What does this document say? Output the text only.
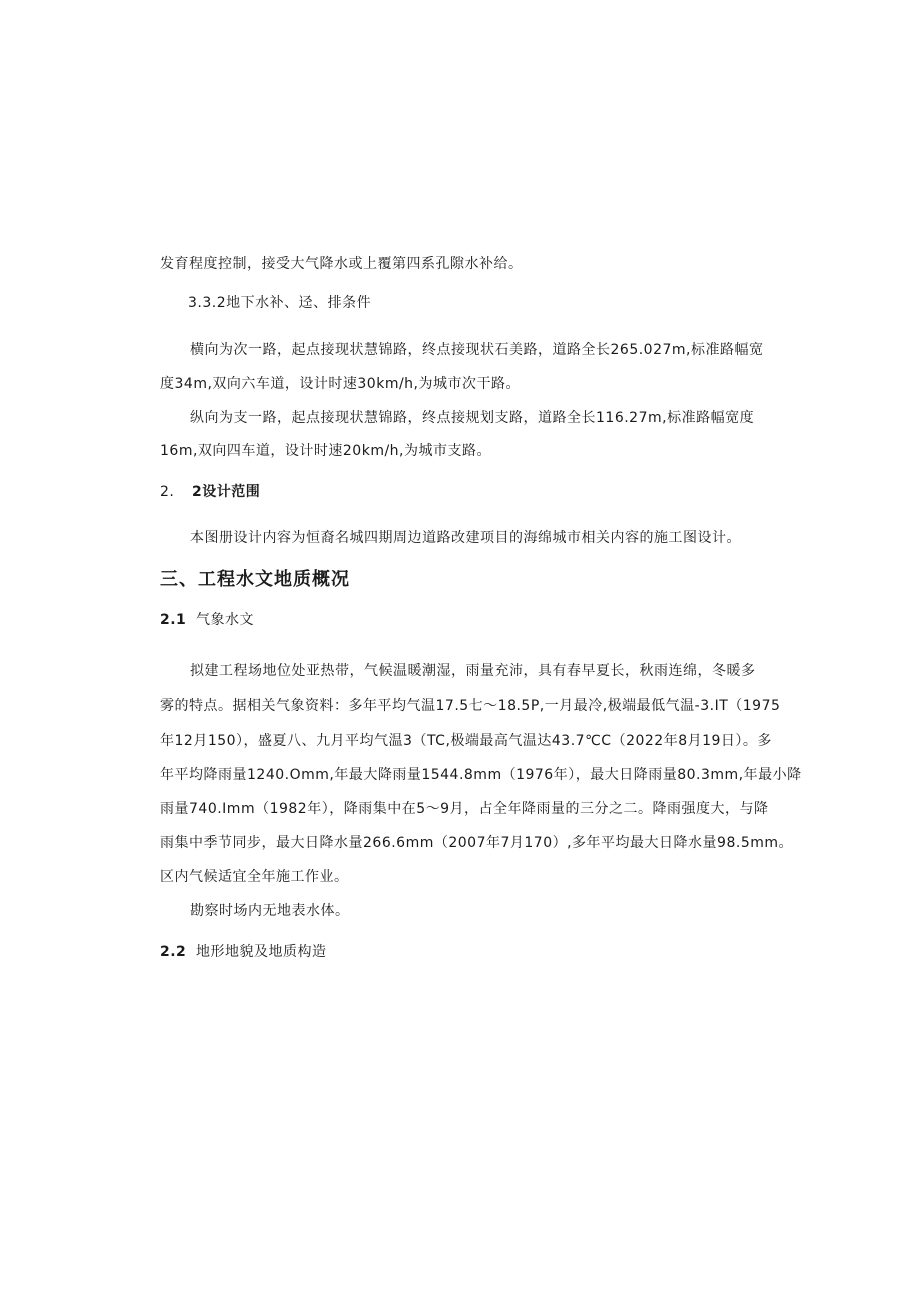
发育程度控制，接受大气降水或上覆第四系孔隙水补给。
3.3.2地下水补、迳、排条件
横向为次一路，起点接现状慧锦路，终点接现状石美路，道路全长265.027m,标准路幅宽
度34m,双向六车道，设计时速30km/h,为城市次干路。
纵向为支一路，起点接现状慧锦路，终点接规划支路，道路全长116.27m,标准路幅宽度
16m,双向四车道，设计时速20km/h,为城市支路。
2. 2设计范围
本图册设计内容为恒裔名城四期周边道路改建项目的海绵城市相关内容的施工图设计。
三、工程水文地质概况
2.1 气象水文
拟建工程场地位处亚热带，气候温暖潮湿，雨量充沛，具有春早夏长，秋雨连绵，冬暖多
雾的特点。据相关气象资料：多年平均气温17.5七～18.5P,一月最冷,极端最低气温-3.IT（1975
年12月150），盛夏八、九月平均气温3（TC,极端最高气温达43.7℃C（2022年8月19日）。多
年平均降雨量1240.Omm,年最大降雨量1544.8mm（1976年），最大日降雨量80.3mm,年最小降
雨量740.Imm（1982年），降雨集中在5～9月，占全年降雨量的三分之二。降雨强度大，与降
雨集中季节同步，最大日降水量266.6mm（2007年7月170）,多年平均最大日降水量98.5mm。
区内气候适宜全年施工作业。
勘察时场内无地表水体。
2.2 地形地貌及地质构造
